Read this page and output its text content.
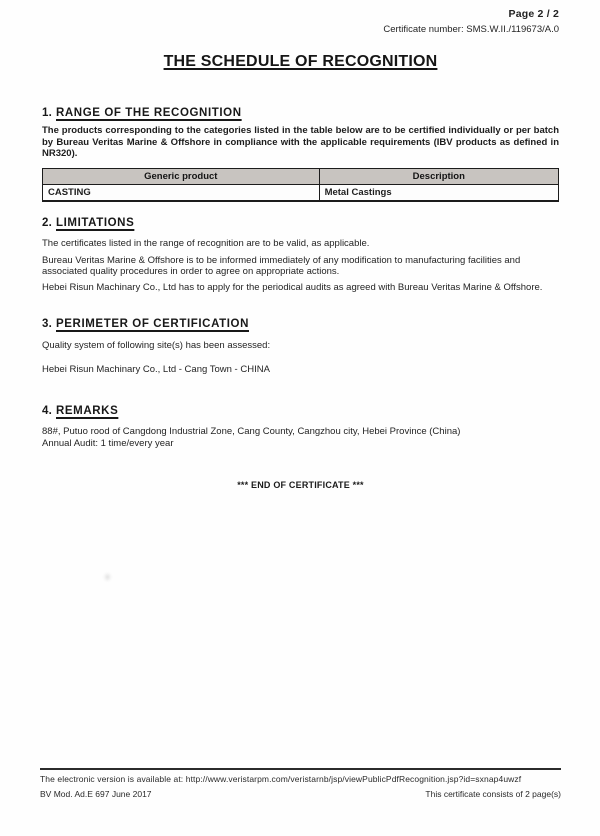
Page 2 / 2
Certificate number: SMS.W.II./119673/A.0
THE SCHEDULE OF RECOGNITION
1. RANGE OF THE RECOGNITION
The products corresponding to the categories listed in the table below are to be certified individually or per batch by Bureau Veritas Marine & Offshore in compliance with the applicable requirements (IBV products as defined in NR320).
Generic product	Description
CASTING	Metal Castings
2. LIMITATIONS
The certificates listed in the range of recognition are to be valid, as applicable.
Bureau Veritas Marine & Offshore is to be informed immediately of any modification to manufacturing facilities and associated quality procedures in order to agree on appropriate actions.
Hebei Risun Machinary Co., Ltd has to apply for the periodical audits as agreed with Bureau Veritas Marine & Offshore.
3. PERIMETER OF CERTIFICATION
Quality system of following site(s) has been assessed:
Hebei Risun Machinary Co., Ltd - Cang Town - CHINA
4. REMARKS
88#, Putuo rood of Cangdong Industrial Zone, Cang County, Cangzhou city, Hebei Province (China)
Annual Audit: 1 time/every year
*** END OF CERTIFICATE ***
The electronic version is available at: http://www.veristarpm.com/veristarnb/jsp/viewPublicPdfRecognition.jsp?id=sxnap4uwzf
BV Mod. Ad.E 697 June 2017	This certificate consists of 2 page(s)
